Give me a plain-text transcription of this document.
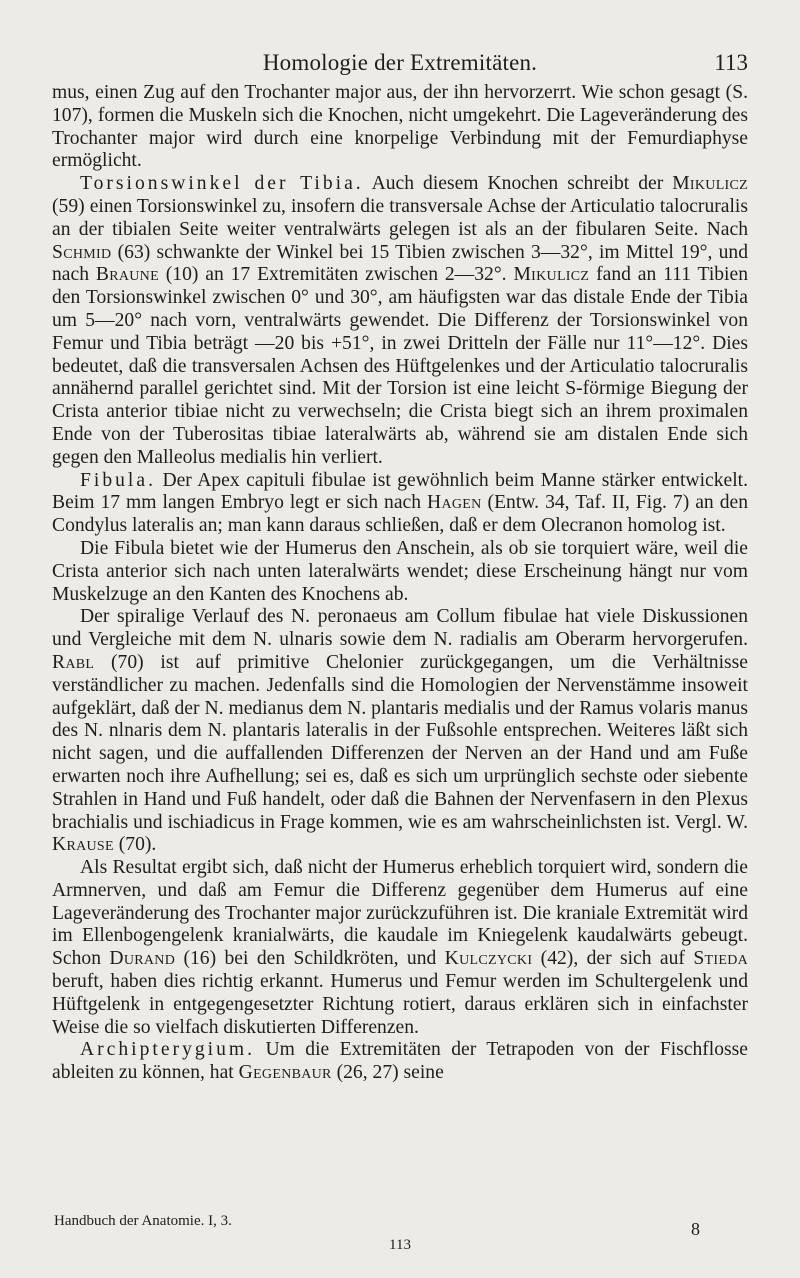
Homologie der Extremitäten.	113

mus, einen Zug auf den Trochanter major aus, der ihn hervorzerrt. Wie schon gesagt (S. 107), formen die Muskeln sich die Knochen, nicht umgekehrt. Die Lageveränderung des Trochanter major wird durch eine knorpelige Verbindung mit der Femurdiaphyse ermöglicht.

Torsionswinkel der Tibia. Auch diesem Knochen schreibt der Mikulicz (59) einen Torsionswinkel zu, insofern die transversale Achse der Articulatio talocruralis an der tibialen Seite weiter ventralwärts gelegen ist als an der fibularen Seite. Nach Schmid (63) schwankte der Winkel bei 15 Tibien zwischen 3—32°, im Mittel 19°, und nach Braune (10) an 17 Extremitäten zwischen 2—32°. Mikulicz fand an 111 Tibien den Torsionswinkel zwischen 0° und 30°, am häufigsten war das distale Ende der Tibia um 5—20° nach vorn, ventralwärts gewendet. Die Differenz der Torsionswinkel von Femur und Tibia beträgt —20 bis +51°, in zwei Dritteln der Fälle nur 11°—12°. Dies bedeutet, daß die transversalen Achsen des Hüftgelenkes und der Articulatio talocruralis annähernd parallel gerichtet sind. Mit der Torsion ist eine leicht S-förmige Biegung der Crista anterior tibiae nicht zu verwechseln; die Crista biegt sich an ihrem proximalen Ende von der Tuberositas tibiae lateralwärts ab, während sie am distalen Ende sich gegen den Malleolus medialis hin verliert.

Fibula. Der Apex capituli fibulae ist gewöhnlich beim Manne stärker entwickelt. Beim 17 mm langen Embryo legt er sich nach Hagen (Entw. 34, Taf. II, Fig. 7) an den Condylus lateralis an; man kann daraus schließen, daß er dem Olecranon homolog ist.

Die Fibula bietet wie der Humerus den Anschein, als ob sie torquiert wäre, weil die Crista anterior sich nach unten lateralwärts wendet; diese Erscheinung hängt nur vom Muskelzuge an den Kanten des Knochens ab.

Der spiralige Verlauf des N. peronaeus am Collum fibulae hat viele Diskussionen und Vergleiche mit dem N. ulnaris sowie dem N. radialis am Oberarm hervorgerufen. Rabl (70) ist auf primitive Chelonier zurückgegangen, um die Verhältnisse verständlicher zu machen. Jedenfalls sind die Homologien der Nervenstämme insoweit aufgeklärt, daß der N. medianus dem N. plantaris medialis und der Ramus volaris manus des N. nlnaris dem N. plantaris lateralis in der Fußsohle entsprechen. Weiteres läßt sich nicht sagen, und die auffallenden Differenzen der Nerven an der Hand und am Fuße erwarten noch ihre Aufhellung; sei es, daß es sich um urprünglich sechste oder siebente Strahlen in Hand und Fuß handelt, oder daß die Bahnen der Nervenfasern in den Plexus brachialis und ischiadicus in Frage kommen, wie es am wahrscheinlichsten ist. Vergl. W. Krause (70).

Als Resultat ergibt sich, daß nicht der Humerus erheblich torquiert wird, sondern die Armnerven, und daß am Femur die Differenz gegenüber dem Humerus auf eine Lageveränderung des Trochanter major zurückzuführen ist. Die kraniale Extremität wird im Ellenbogengelenk kranialwärts, die kaudale im Kniegelenk kaudalwärts gebeugt. Schon Durand (16) bei den Schildkröten, und Kulczycki (42), der sich auf Stieda beruft, haben dies richtig erkannt. Humerus und Femur werden im Schultergelenk und Hüftgelenk in entgegengesetzter Richtung rotiert, daraus erklären sich in einfachster Weise die so vielfach diskutierten Differenzen.

Archipterygium. Um die Extremitäten der Tetrapoden von der Fischflosse ableiten zu können, hat Gegenbaur (26, 27) seine

Handbuch der Anatomie. I, 3.	8
113
